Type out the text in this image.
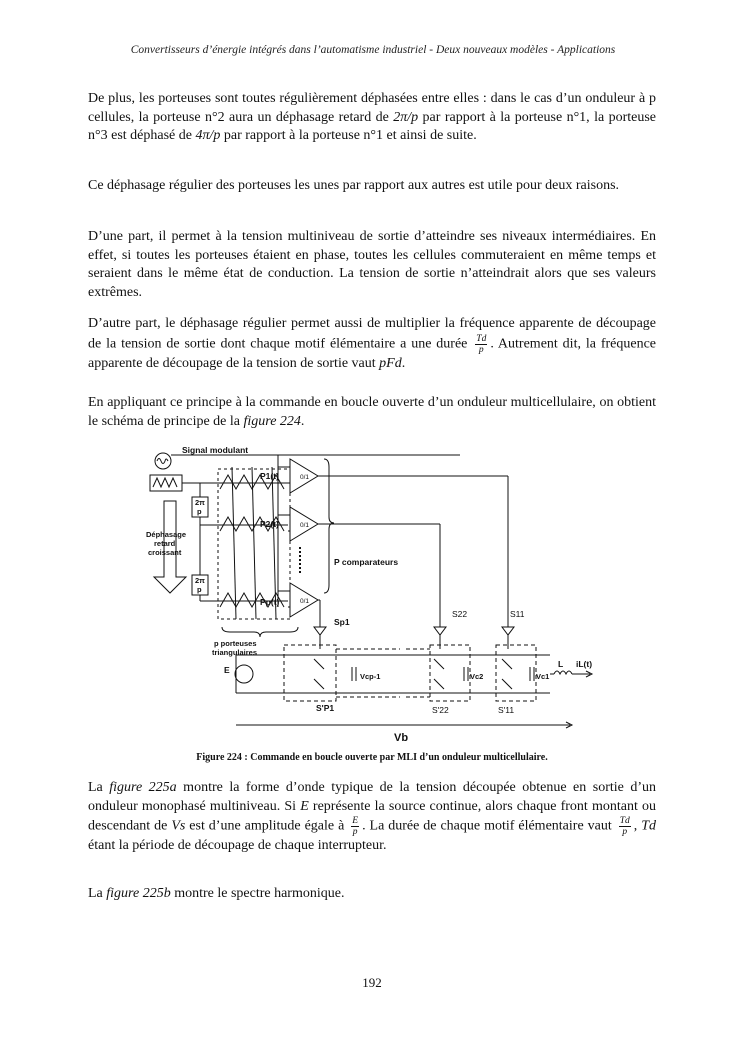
Convertisseurs d’énergie intégrés dans l’automatisme industriel - Deux nouveaux modèles - Applications

De plus, les porteuses sont toutes régulièrement déphasées entre elles : dans le cas d’un onduleur à p cellules, la porteuse n°2 aura un déphasage retard de 2π/p par rapport à la porteuse n°1, la porteuse n°3 est déphasé de 4π/p par rapport à la porteuse n°1 et ainsi de suite.

Ce déphasage régulier des porteuses les unes par rapport aux autres est utile pour deux raisons.

D’une part, il permet à la tension multiniveau de sortie d’atteindre ses niveaux intermédiaires. En effet, si toutes les porteuses étaient en phase, toutes les cellules commuteraient en même temps et seraient dans le même état de conduction. La tension de sortie n’atteindrait alors que ses valeurs extrêmes.

D’autre part, le déphasage régulier permet aussi de multiplier la fréquence apparente de découpage de la tension de sortie dont chaque motif élémentaire a une durée $\frac{Td}{p}$ . Autrement dit, la fréquence apparente de découpage de la tension de sortie vaut pFd.

En appliquant ce principe à la commande en boucle ouverte d’un onduleur multicellulaire, on obtient le schéma de principe de la figure 224.

Signal modulant
P1(t)
P2(t)
Pp(t)
2π
p
2π
p
Déphasage
retard
croissant
P comparateurs
p porteuses
triangulaires
Sp1
S22	S11
S'P1	S'22	S'11
E
Vcp-1	Vc2	Vc1
L iL(t)
Vb
0/1
0/1
0/1
Figure 224 : Commande en boucle ouverte par MLI d’un onduleur multicellulaire.

La figure 225a montre la forme d’onde typique de la tension découpée obtenue en sortie d’un onduleur monophasé multiniveau. Si E représente la source continue, alors chaque front montant ou descendant de Vs est d’une amplitude égale à $\frac{E}{p}$ . La durée de chaque motif élémentaire vaut $\frac{Td}{p}$ , Td étant la période de découpage de chaque interrupteur.

La figure 225b montre le spectre harmonique.

192
